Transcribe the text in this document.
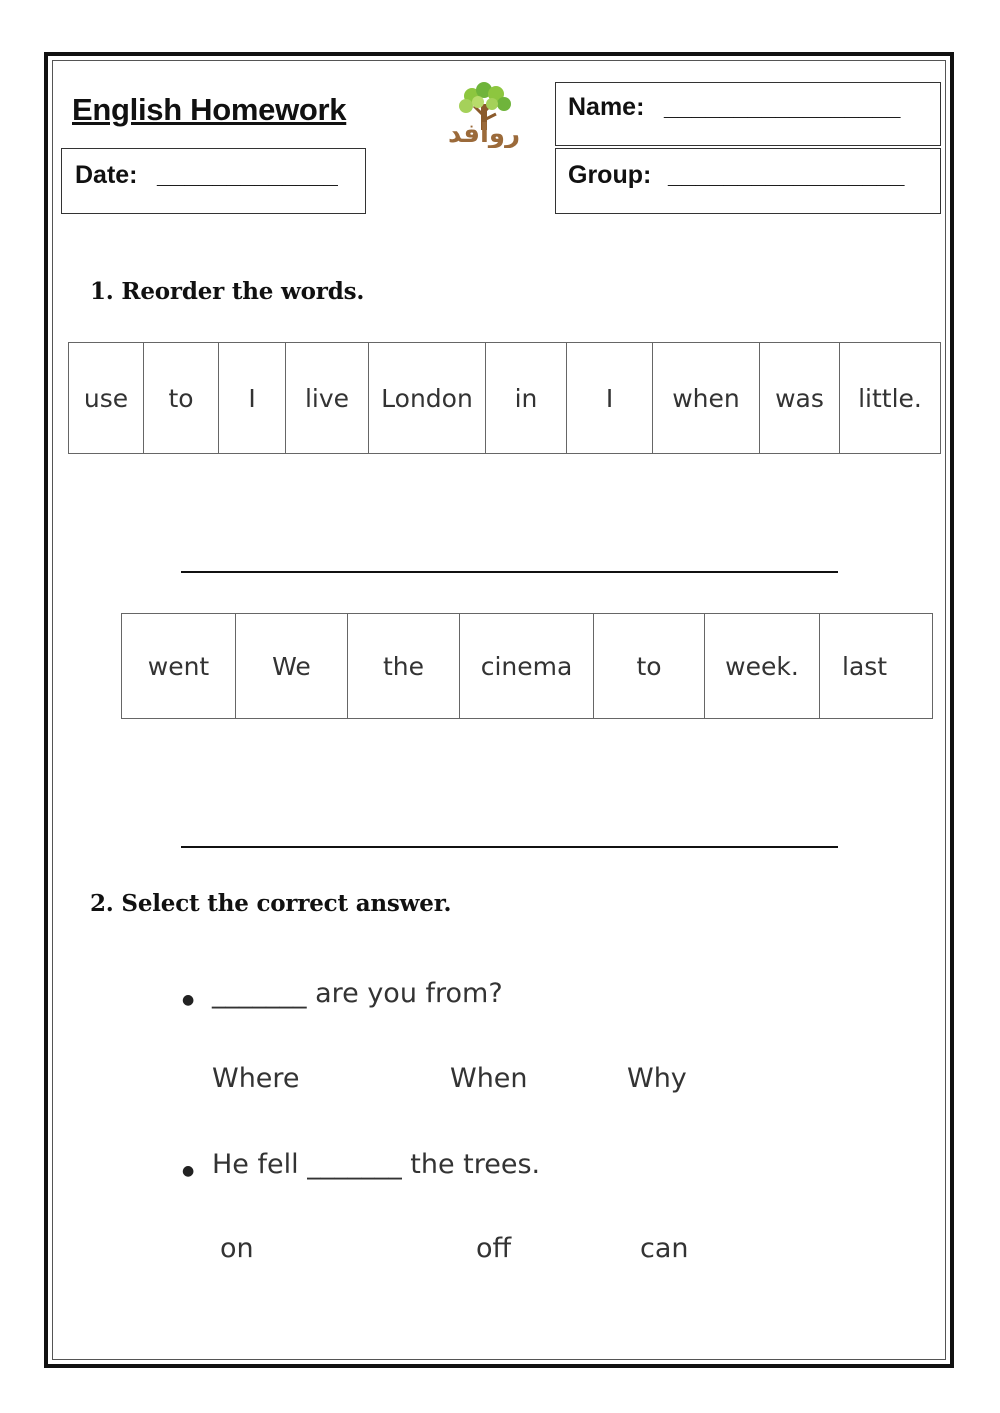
English Homework
روافد
Name: _________________
Date: _____________	Group: _________________
1. Reorder the words.
use	to	I	live	London	in	I	when	was	little.
went	We	the	cinema	to	week.	last
2. Select the correct answer.
● _______ are you from?
Where	When	Why
● He fell _______ the trees.
on	off	can
